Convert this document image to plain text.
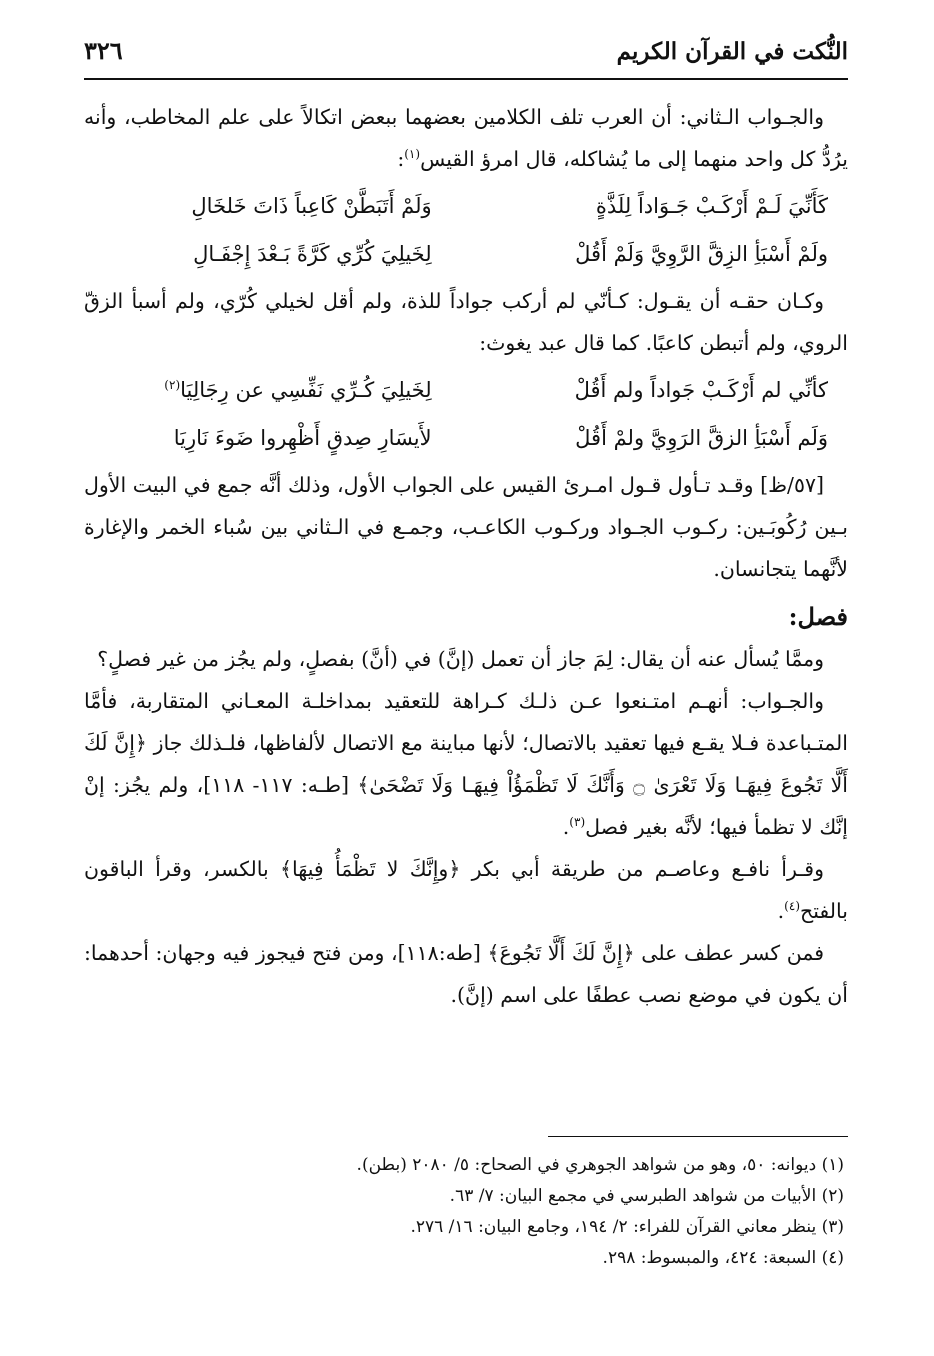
النُّكت في القرآن الكريم
٣٢٦

والجـواب الـثاني: أن العرب تلف الكلامين بعضهما ببعض اتكالاً على علم المخاطب، وأنه يرُدُّ كل واحد منهما إلى ما يُشاكله، قال امرؤ القيس$^{(١)}$:

كَأَنِّيَ لَـمْ أَرْكَـبْ جَـوَاداً لِلَذَّةٍ
وَلَمْ أَتَبَطَّنْ كَاعِباً ذَاتَ خَلخَالِ
ولَمْ أَسْبَأِ الزِقَّ الرَّوِيَّ وَلَمْ أَقُلْ
لِخَيلِيَ كُرِّي كَرَّةً بَـعْدَ إِجْفَـالِ

وكـان حقـه أن يقـول: كـأنّي لم أركب جواداً للذة، ولم أقل لخيلي كُرّي، ولم أسبأ الزقّ الروي، ولم أتبطن كاعبًا. كما قال عبد يغوث:

كأنِّي لم أَرْكَـبْ جَواداً ولم أَقُلْ
لِخَيلِيَ كُـرِّي نَفِّسِي عن رِجَالِيَا$^{(٢)}$
وَلَم أَسْبَأِ الزقَّ الرَوِيَّ ولمْ أَقُلْ
لأَيسَارِ صِدقٍ أَظْهِروا ضَوءَ نَارِيَا

[٥٧/ظ] وقـد تـأول قـول امـرئ القيس على الجواب الأول، وذلك أنَّه جمع في البيت الأول بـين رُكُوبَـين: ركـوب الجـواد وركـوب الكاعـب، وجمـع في الـثاني بين سُباء الخمر والإغارة لأنَّهما يتجانسان.

فصل:

وممَّا يُسأل عنه أن يقال: لِمَ جاز أن تعمل (إنَّ) في (أنَّ) بفصلٍ، ولم يجُز من غير فصلٍ؟

والجـواب: أنهـم امتـنعوا عـن ذلـك كـراهة للتعقيد بمداخلـة المعـاني المتقاربة، فأمَّا المتـباعدة فـلا يقـع فيها تعقيد بالاتصال؛ لأنها مباينة مع الاتصال لألفاظها، فلـذلك جاز ﴿إِنَّ لَكَ أَلَّا تَجُوعَ فِيهَـا وَلَا تَعْرَىٰ ۝ وَأَنَّكَ لَا تَظْمَؤُاْ فِيهَـا وَلَا تَضْحَىٰ﴾ [طـه: ١١٧- ١١٨]، ولم يجُز: إنْ إنَّك لا تظمأ فيها؛ لأنَّه بغير فصل$^{(٣)}$.

وقـرأ نافـع وعاصـم من طريقة أبي بكر ﴿وإِنَّكَ لا تَظْمَأُ فِيهَا﴾ بالكسر، وقرأ الباقون بالفتح$^{(٤)}$.

فمن كسر عطف على ﴿إِنَّ لَكَ أَلَّا تَجُوعَ﴾ [طه:١١٨]، ومن فتح فيجوز فيه وجهان: أحدهما: أن يكون في موضع نصب عطفًا على اسم (إنَّ).

(١) ديوانه: ٥٠، وهو من شواهد الجوهري في الصحاح: ٥/ ٢٠٨٠ (بطن).
(٢) الأبيات من شواهد الطبرسي في مجمع البيان: ٧/ ٦٣.
(٣) ينظر معاني القرآن للفراء: ٢/ ١٩٤، وجامع البيان: ١٦/ ٢٧٦.
(٤) السبعة: ٤٢٤، والمبسوط: ٢٩٨.
